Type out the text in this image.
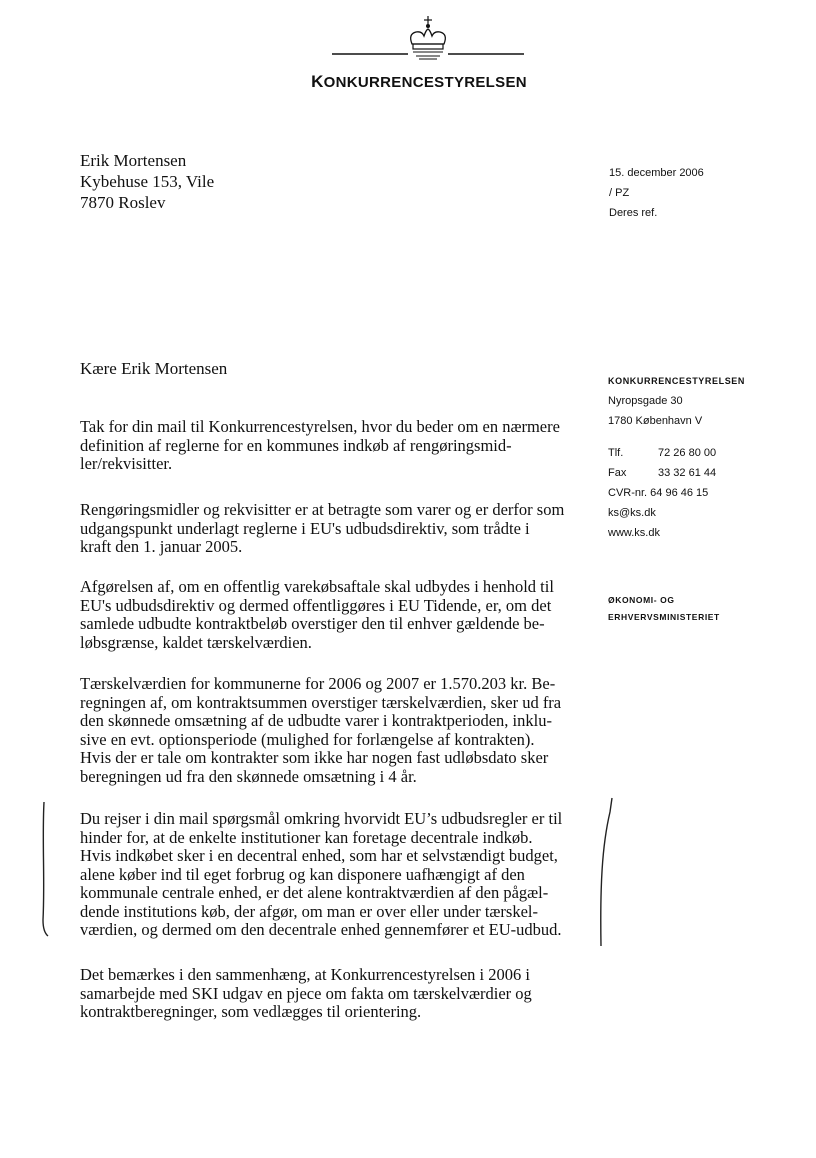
KONKURRENCESTYRELSEN
Erik Mortensen
Kybehuse 153, Vile
7870 Roslev
15. december 2006
/ PZ
Deres ref.
Kære Erik Mortensen
KONKURRENCESTYRELSEN
Nyropsgade 30
1780 København V
Tlf.	72 26 80 00
Fax	33 32 61 44
CVR-nr. 64 96 46 15
ks@ks.dk
www.ks.dk
ØKONOMI- OG
ERHVERVSMINISTERIET
Tak for din mail til Konkurrencestyrelsen, hvor du beder om en nærmere
definition af reglerne for en kommunes indkøb af rengøringsmid-
ler/rekvisitter.
Rengøringsmidler og rekvisitter er at betragte som varer og er derfor som
udgangspunkt underlagt reglerne i EU's udbudsdirektiv, som trådte i
kraft den 1. januar 2005.
Afgørelsen af, om en offentlig varekøbsaftale skal udbydes i henhold til
EU's udbudsdirektiv og dermed offentliggøres i EU Tidende, er, om det
samlede udbudte kontraktbeløb overstiger den til enhver gældende be-
løbsgrænse, kaldet tærskelværdien.
Tærskelværdien for kommunerne for 2006 og 2007 er 1.570.203 kr. Be-
regningen af, om kontraktsummen overstiger tærskelværdien, sker ud fra
den skønnede omsætning af de udbudte varer i kontraktperioden, inklu-
sive en evt. optionsperiode (mulighed for forlængelse af kontrakten).
Hvis der er tale om kontrakter som ikke har nogen fast udløbsdato sker
beregningen ud fra den skønnede omsætning i 4 år.
Du rejser i din mail spørgsmål omkring hvorvidt EU’s udbudsregler er til
hinder for, at de enkelte institutioner kan foretage decentrale indkøb.
Hvis indkøbet sker i en decentral enhed, som har et selvstændigt budget,
alene køber ind til eget forbrug og kan disponere uafhængigt af den
kommunale centrale enhed, er det alene kontraktværdien af den pågæl-
dende institutions køb, der afgør, om man er over eller under tærskel-
værdien, og dermed om den decentrale enhed gennemfører et EU-udbud.
Det bemærkes i den sammenhæng, at Konkurrencestyrelsen i 2006 i
samarbejde med SKI udgav en pjece om fakta om tærskelværdier og
kontraktberegninger, som vedlægges til orientering.
